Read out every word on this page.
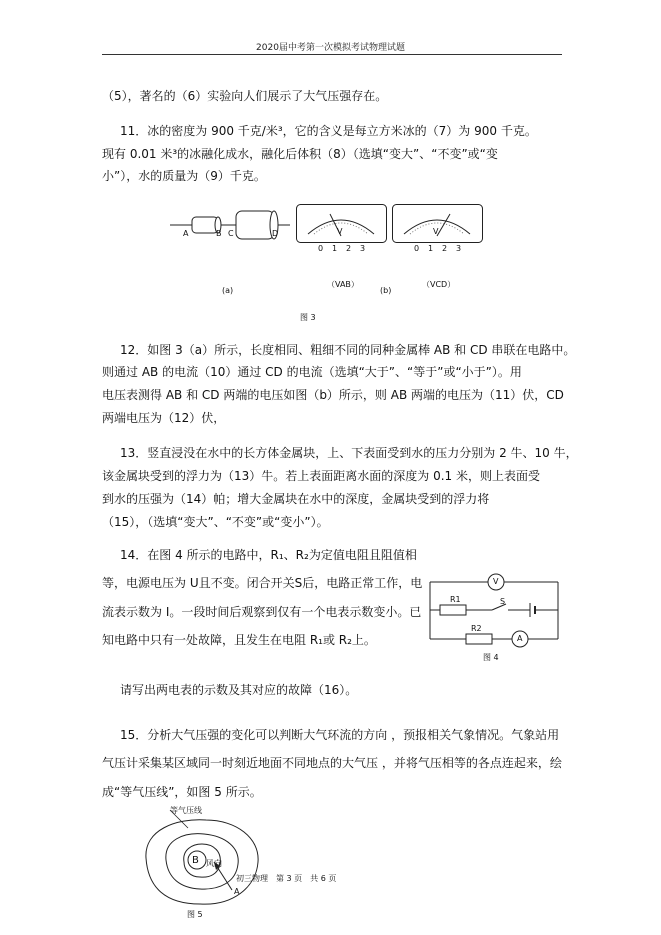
2020届中考第一次模拟考试物理试题
（5），著名的（6）实验向人们展示了大气压强存在。
11．冰的密度为 900 千克/米³，它的含义是每立方米冰的（7）为 900 千克。
现有 0.01 米³的冰融化成水，融化后体积（8）（选填“变大”、“不变”或“变
小”），水的质量为（9）千克。
A	B C	D	V	V
0 1 2 3	0 1 2 3
（VAB）	（VCD）
(a)	(b)
图 3
12．如图 3（a）所示，长度相同、粗细不同的同种金属棒 AB 和 CD 串联在电路中。
则通过 AB 的电流（10）通过 CD 的电流（选填“大于”、“等于”或“小于”）。用
电压表测得 AB 和 CD 两端的电压如图（b）所示，则 AB 两端的电压为（11）伏，CD
两端电压为（12）伏，
13．竖直浸没在水中的长方体金属块，上、下表面受到水的压力分别为 2 牛、10 牛，
该金属块受到的浮力为（13）牛。若上表面距离水面的深度为 0.1 米，则上表面受
到水的压强为（14）帕；增大金属块在水中的深度，金属块受到的浮力将
（15），（选填“变大”、“不变”或“变小”）。
14．在图 4 所示的电路中，R₁、R₂为定值电阻且阻值相
等，电源电压为 U且不变。闭合开关S后，电路正常工作，电
流表示数为 I。一段时间后观察到仅有一个电表示数变小。已
知电路中只有一处故障，且发生在电阻 R₁或 R₂上。
V
R1	S
R2
A
图 4
请写出两电表的示数及其对应的故障（16）。
15．分析大气压强的变化可以判断大气环流的方向 ，预报相关气象情况。气象站用
气压计采集某区域同一时刻近地面不同地点的大气压 ，并将气压相等的各点连起来，绘
成“等气压线”，如图 5 所示。
等气压线
B 风向
A
图 5
初三物理　第 3 页　共 6 页
